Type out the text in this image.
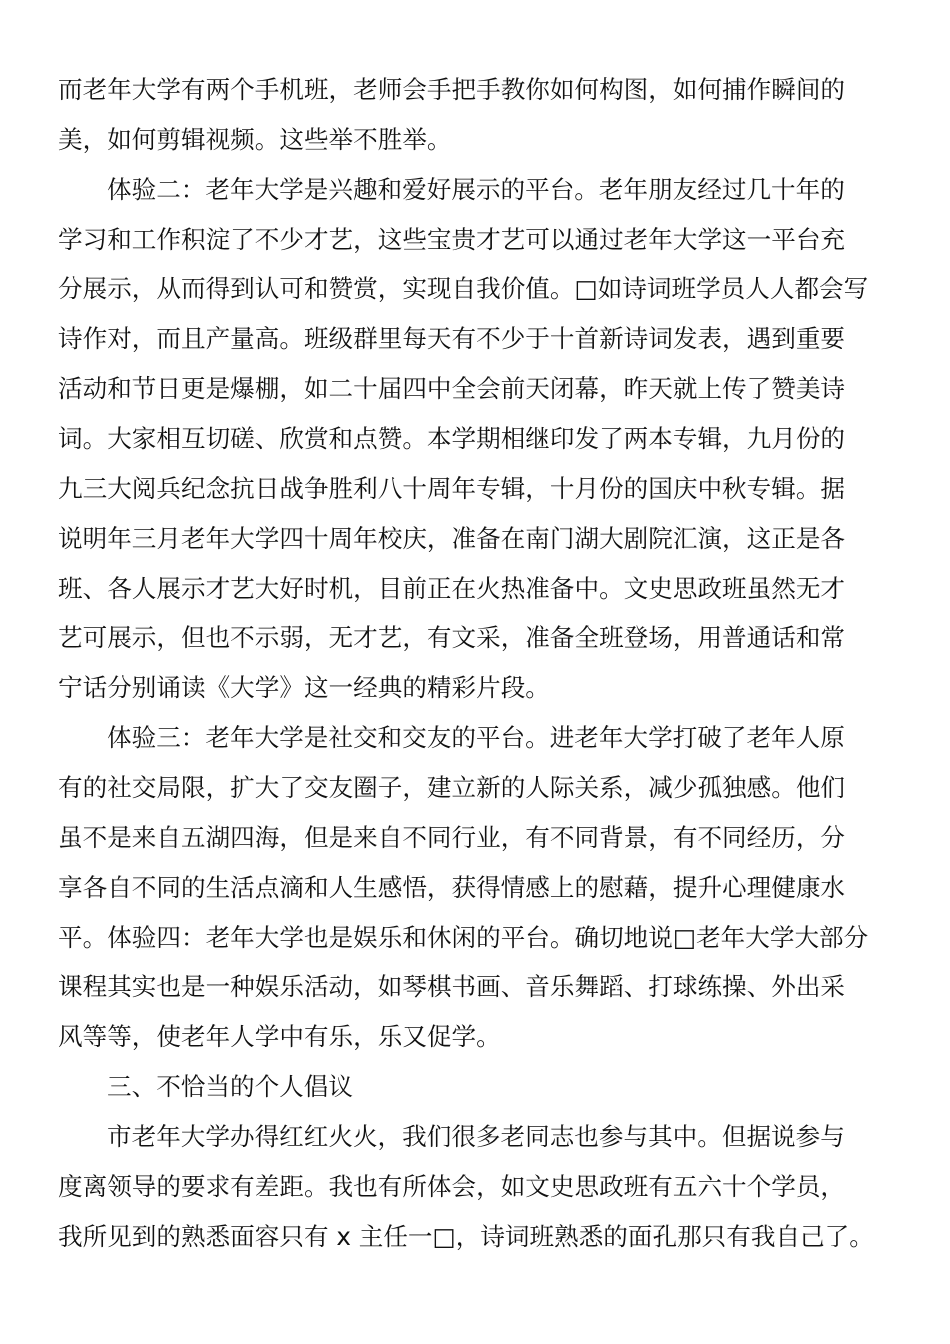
而老年大学有两个手机班，老师会手把手教你如何构图，如何捕作瞬间的
美，如何剪辑视频。这些举不胜举。
体验二：老年大学是兴趣和爱好展示的平台。老年朋友经过几十年的
学习和工作积淀了不少才艺，这些宝贵才艺可以通过老年大学这一平台充
分展示，从而得到认可和赞赏，实现自我价值。□如诗词班学员人人都会写
诗作对，而且产量高。班级群里每天有不少于十首新诗词发表，遇到重要
活动和节日更是爆棚，如二十届四中全会前天闭幕，昨天就上传了赞美诗
词。大家相互切磋、欣赏和点赞。本学期相继印发了两本专辑，九月份的
九三大阅兵纪念抗日战争胜利八十周年专辑，十月份的国庆中秋专辑。据
说明年三月老年大学四十周年校庆，准备在南门湖大剧院汇演，这正是各
班、各人展示才艺大好时机，目前正在火热准备中。文史思政班虽然无才
艺可展示，但也不示弱，无才艺，有文采，准备全班登场，用普通话和常
宁话分别诵读《大学》这一经典的精彩片段。
体验三：老年大学是社交和交友的平台。进老年大学打破了老年人原
有的社交局限，扩大了交友圈子，建立新的人际关系，减少孤独感。他们
虽不是来自五湖四海，但是来自不同行业，有不同背景，有不同经历，分
享各自不同的生活点滴和人生感悟，获得情感上的慰藉，提升心理健康水
平。体验四：老年大学也是娱乐和休闲的平台。确切地说□老年大学大部分
课程其实也是一种娱乐活动，如琴棋书画、音乐舞蹈、打球练操、外出采
风等等，使老年人学中有乐，乐又促学。
三、不恰当的个人倡议
市老年大学办得红红火火，我们很多老同志也参与其中。但据说参与
度离领导的要求有差距。我也有所体会，如文史思政班有五六十个学员，
我所见到的熟悉面容只有 x 主任一□，诗词班熟悉的面孔那只有我自己了。
